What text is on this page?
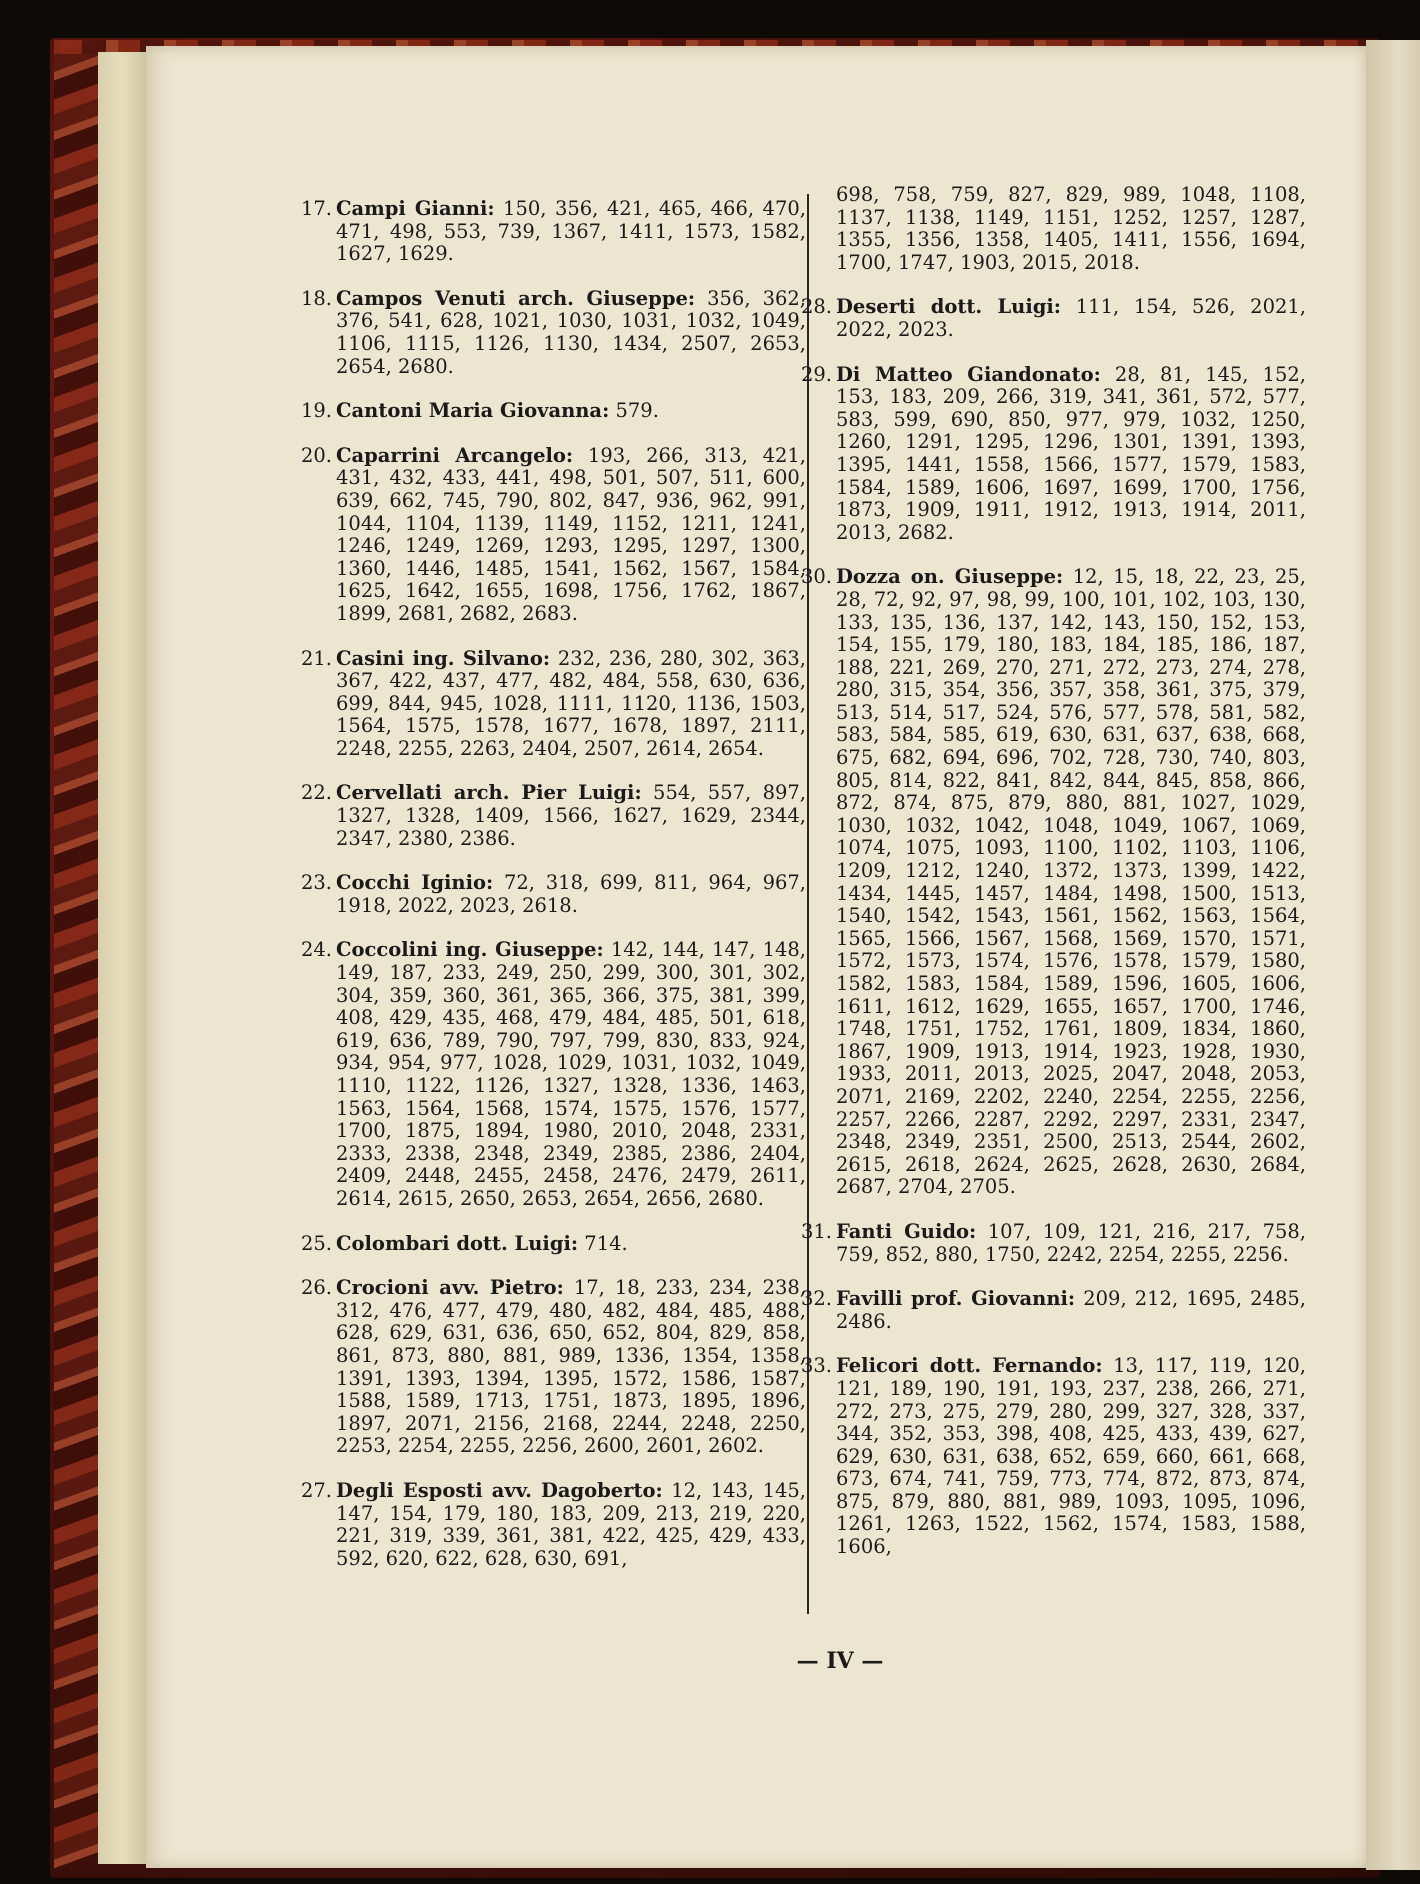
17. Campi Gianni: 150, 356, 421, 465, 466, 470, 471, 498, 553, 739, 1367, 1411, 1573, 1582, 1627, 1629.
18. Campos Venuti arch. Giuseppe: 356, 362, 376, 541, 628, 1021, 1030, 1031, 1032, 1049, 1106, 1115, 1126, 1130, 1434, 2507, 2653, 2654, 2680.
19. Cantoni Maria Giovanna: 579.
20. Caparrini Arcangelo: 193, 266, 313, 421, 431, 432, 433, 441, 498, 501, 507, 511, 600, 639, 662, 745, 790, 802, 847, 936, 962, 991, 1044, 1104, 1139, 1149, 1152, 1211, 1241, 1246, 1249, 1269, 1293, 1295, 1297, 1300, 1360, 1446, 1485, 1541, 1562, 1567, 1584, 1625, 1642, 1655, 1698, 1756, 1762, 1867, 1899, 2681, 2682, 2683.
21. Casini ing. Silvano: 232, 236, 280, 302, 363, 367, 422, 437, 477, 482, 484, 558, 630, 636, 699, 844, 945, 1028, 1111, 1120, 1136, 1503, 1564, 1575, 1578, 1677, 1678, 1897, 2111, 2248, 2255, 2263, 2404, 2507, 2614, 2654.
22. Cervellati arch. Pier Luigi: 554, 557, 897, 1327, 1328, 1409, 1566, 1627, 1629, 2344, 2347, 2380, 2386.
23. Cocchi Iginio: 72, 318, 699, 811, 964, 967, 1918, 2022, 2023, 2618.
24. Coccolini ing. Giuseppe: 142, 144, 147, 148, 149, 187, 233, 249, 250, 299, 300, 301, 302, 304, 359, 360, 361, 365, 366, 375, 381, 399, 408, 429, 435, 468, 479, 484, 485, 501, 618, 619, 636, 789, 790, 797, 799, 830, 833, 924, 934, 954, 977, 1028, 1029, 1031, 1032, 1049, 1110, 1122, 1126, 1327, 1328, 1336, 1463, 1563, 1564, 1568, 1574, 1575, 1576, 1577, 1700, 1875, 1894, 1980, 2010, 2048, 2331, 2333, 2338, 2348, 2349, 2385, 2386, 2404, 2409, 2448, 2455, 2458, 2476, 2479, 2611, 2614, 2615, 2650, 2653, 2654, 2656, 2680.
25. Colombari dott. Luigi: 714.
26. Crocioni avv. Pietro: 17, 18, 233, 234, 238, 312, 476, 477, 479, 480, 482, 484, 485, 488, 628, 629, 631, 636, 650, 652, 804, 829, 858, 861, 873, 880, 881, 989, 1336, 1354, 1358, 1391, 1393, 1394, 1395, 1572, 1586, 1587, 1588, 1589, 1713, 1751, 1873, 1895, 1896, 1897, 2071, 2156, 2168, 2244, 2248, 2250, 2253, 2254, 2255, 2256, 2600, 2601, 2602.
27. Degli Esposti avv. Dagoberto: 12, 143, 145, 147, 154, 179, 180, 183, 209, 213, 219, 220, 221, 319, 339, 361, 381, 422, 425, 429, 433, 592, 620, 622, 628, 630, 691,
698, 758, 759, 827, 829, 989, 1048, 1108, 1137, 1138, 1149, 1151, 1252, 1257, 1287, 1355, 1356, 1358, 1405, 1411, 1556, 1694, 1700, 1747, 1903, 2015, 2018.
28. Deserti dott. Luigi: 111, 154, 526, 2021, 2022, 2023.
29. Di Matteo Giandonato: 28, 81, 145, 152, 153, 183, 209, 266, 319, 341, 361, 572, 577, 583, 599, 690, 850, 977, 979, 1032, 1250, 1260, 1291, 1295, 1296, 1301, 1391, 1393, 1395, 1441, 1558, 1566, 1577, 1579, 1583, 1584, 1589, 1606, 1697, 1699, 1700, 1756, 1873, 1909, 1911, 1912, 1913, 1914, 2011, 2013, 2682.
30. Dozza on. Giuseppe: 12, 15, 18, 22, 23, 25, 28, 72, 92, 97, 98, 99, 100, 101, 102, 103, 130, 133, 135, 136, 137, 142, 143, 150, 152, 153, 154, 155, 179, 180, 183, 184, 185, 186, 187, 188, 221, 269, 270, 271, 272, 273, 274, 278, 280, 315, 354, 356, 357, 358, 361, 375, 379, 513, 514, 517, 524, 576, 577, 578, 581, 582, 583, 584, 585, 619, 630, 631, 637, 638, 668, 675, 682, 694, 696, 702, 728, 730, 740, 803, 805, 814, 822, 841, 842, 844, 845, 858, 866, 872, 874, 875, 879, 880, 881, 1027, 1029, 1030, 1032, 1042, 1048, 1049, 1067, 1069, 1074, 1075, 1093, 1100, 1102, 1103, 1106, 1209, 1212, 1240, 1372, 1373, 1399, 1422, 1434, 1445, 1457, 1484, 1498, 1500, 1513, 1540, 1542, 1543, 1561, 1562, 1563, 1564, 1565, 1566, 1567, 1568, 1569, 1570, 1571, 1572, 1573, 1574, 1576, 1578, 1579, 1580, 1582, 1583, 1584, 1589, 1596, 1605, 1606, 1611, 1612, 1629, 1655, 1657, 1700, 1746, 1748, 1751, 1752, 1761, 1809, 1834, 1860, 1867, 1909, 1913, 1914, 1923, 1928, 1930, 1933, 2011, 2013, 2025, 2047, 2048, 2053, 2071, 2169, 2202, 2240, 2254, 2255, 2256, 2257, 2266, 2287, 2292, 2297, 2331, 2347, 2348, 2349, 2351, 2500, 2513, 2544, 2602, 2615, 2618, 2624, 2625, 2628, 2630, 2684, 2687, 2704, 2705.
31. Fanti Guido: 107, 109, 121, 216, 217, 758, 759, 852, 880, 1750, 2242, 2254, 2255, 2256.
32. Favilli prof. Giovanni: 209, 212, 1695, 2485, 2486.
33. Felicori dott. Fernando: 13, 117, 119, 120, 121, 189, 190, 191, 193, 237, 238, 266, 271, 272, 273, 275, 279, 280, 299, 327, 328, 337, 344, 352, 353, 398, 408, 425, 433, 439, 627, 629, 630, 631, 638, 652, 659, 660, 661, 668, 673, 674, 741, 759, 773, 774, 872, 873, 874, 875, 879, 880, 881, 989, 1093, 1095, 1096, 1261, 1263, 1522, 1562, 1574, 1583, 1588, 1606,
— IV —
